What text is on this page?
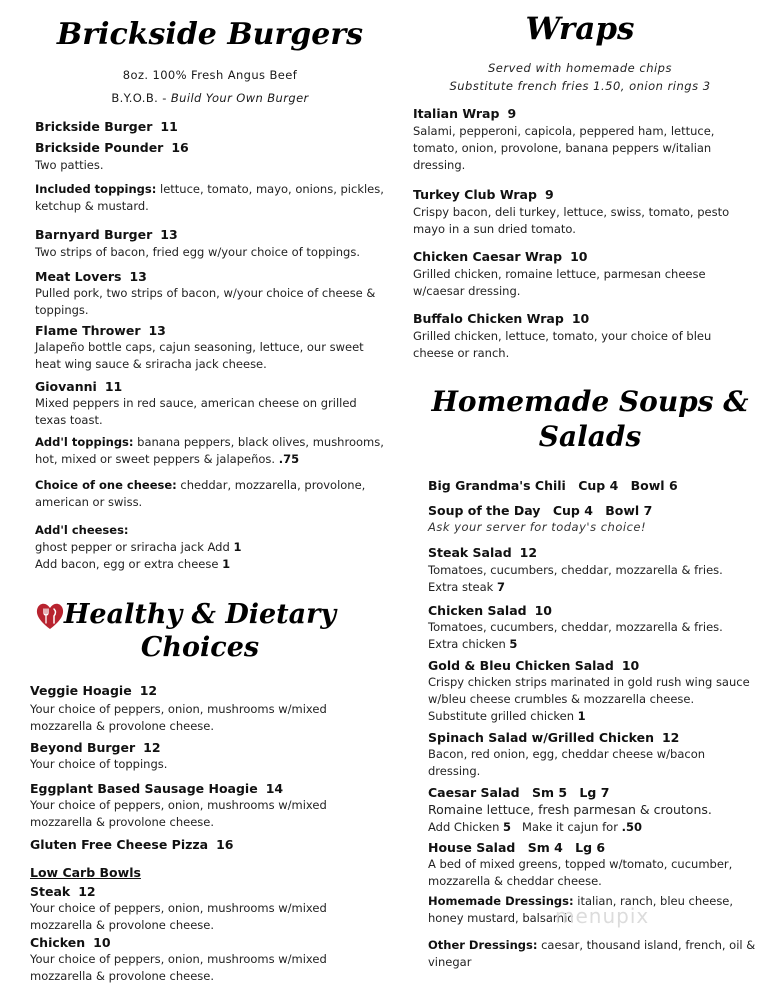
Brickside Burgers
8oz. 100% Fresh Angus Beef
B.Y.O.B. - Build Your Own Burger
Brickside Burger 11
Brickside Pounder 16
Two patties.
Included toppings: lettuce, tomato, mayo, onions, pickles, ketchup & mustard.
Barnyard Burger 13
Two strips of bacon, fried egg w/your choice of toppings.
Meat Lovers 13
Pulled pork, two strips of bacon, w/your choice of cheese & toppings.
Flame Thrower 13
Jalapeño bottle caps, cajun seasoning, lettuce, our sweet heat wing sauce & sriracha jack cheese.
Giovanni 11
Mixed peppers in red sauce, american cheese on grilled texas toast.
Add'l toppings: banana peppers, black olives, mushrooms, hot, mixed or sweet peppers & jalapeños. .75
Choice of one cheese: cheddar, mozzarella, provolone, american or swiss.
Add'l cheeses:
ghost pepper or sriracha jack Add 1
Add bacon, egg or extra cheese 1
Healthy & Dietary
Choices
Veggie Hoagie 12
Your choice of peppers, onion, mushrooms w/mixed mozzarella & provolone cheese.
Beyond Burger 12
Your choice of toppings.
Eggplant Based Sausage Hoagie 14
Your choice of peppers, onion, mushrooms w/mixed mozzarella & provolone cheese.
Gluten Free Cheese Pizza 16
Low Carb Bowls
Steak 12
Your choice of peppers, onion, mushrooms w/mixed mozzarella & provolone cheese.
Chicken 10
Your choice of peppers, onion, mushrooms w/mixed mozzarella & provolone cheese.
Wraps
Served with homemade chips
Substitute french fries 1.50, onion rings 3
Italian Wrap 9
Salami, pepperoni, capicola, peppered ham, lettuce, tomato, onion, provolone, banana peppers w/italian dressing.
Turkey Club Wrap 9
Crispy bacon, deli turkey, lettuce, swiss, tomato, pesto mayo in a sun dried tomato.
Chicken Caesar Wrap 10
Grilled chicken, romaine lettuce, parmesan cheese w/caesar dressing.
Buffalo Chicken Wrap 10
Grilled chicken, lettuce, tomato, your choice of bleu cheese or ranch.
Homemade Soups &
Salads
Big Grandma's Chili Cup 4 Bowl 6
Soup of the Day Cup 4 Bowl 7
Ask your server for today's choice!
Steak Salad 12
Tomatoes, cucumbers, cheddar, mozzarella & fries.
Extra steak 7
Chicken Salad 10
Tomatoes, cucumbers, cheddar, mozzarella & fries.
Extra chicken 5
Gold & Bleu Chicken Salad 10
Crispy chicken strips marinated in gold rush wing sauce w/bleu cheese crumbles & mozzarella cheese.
Substitute grilled chicken 1
Spinach Salad w/Grilled Chicken 12
Bacon, red onion, egg, cheddar cheese w/bacon dressing.
Caesar Salad Sm 5 Lg 7
Romaine lettuce, fresh parmesan & croutons.
Add Chicken 5 Make it cajun for .50
House Salad Sm 4 Lg 6
A bed of mixed greens, topped w/tomato, cucumber, mozzarella & cheddar cheese.
Homemade Dressings: italian, ranch, bleu cheese, honey mustard, balsamic
Other Dressings: caesar, thousand island, french, oil & vinegar
menupix
